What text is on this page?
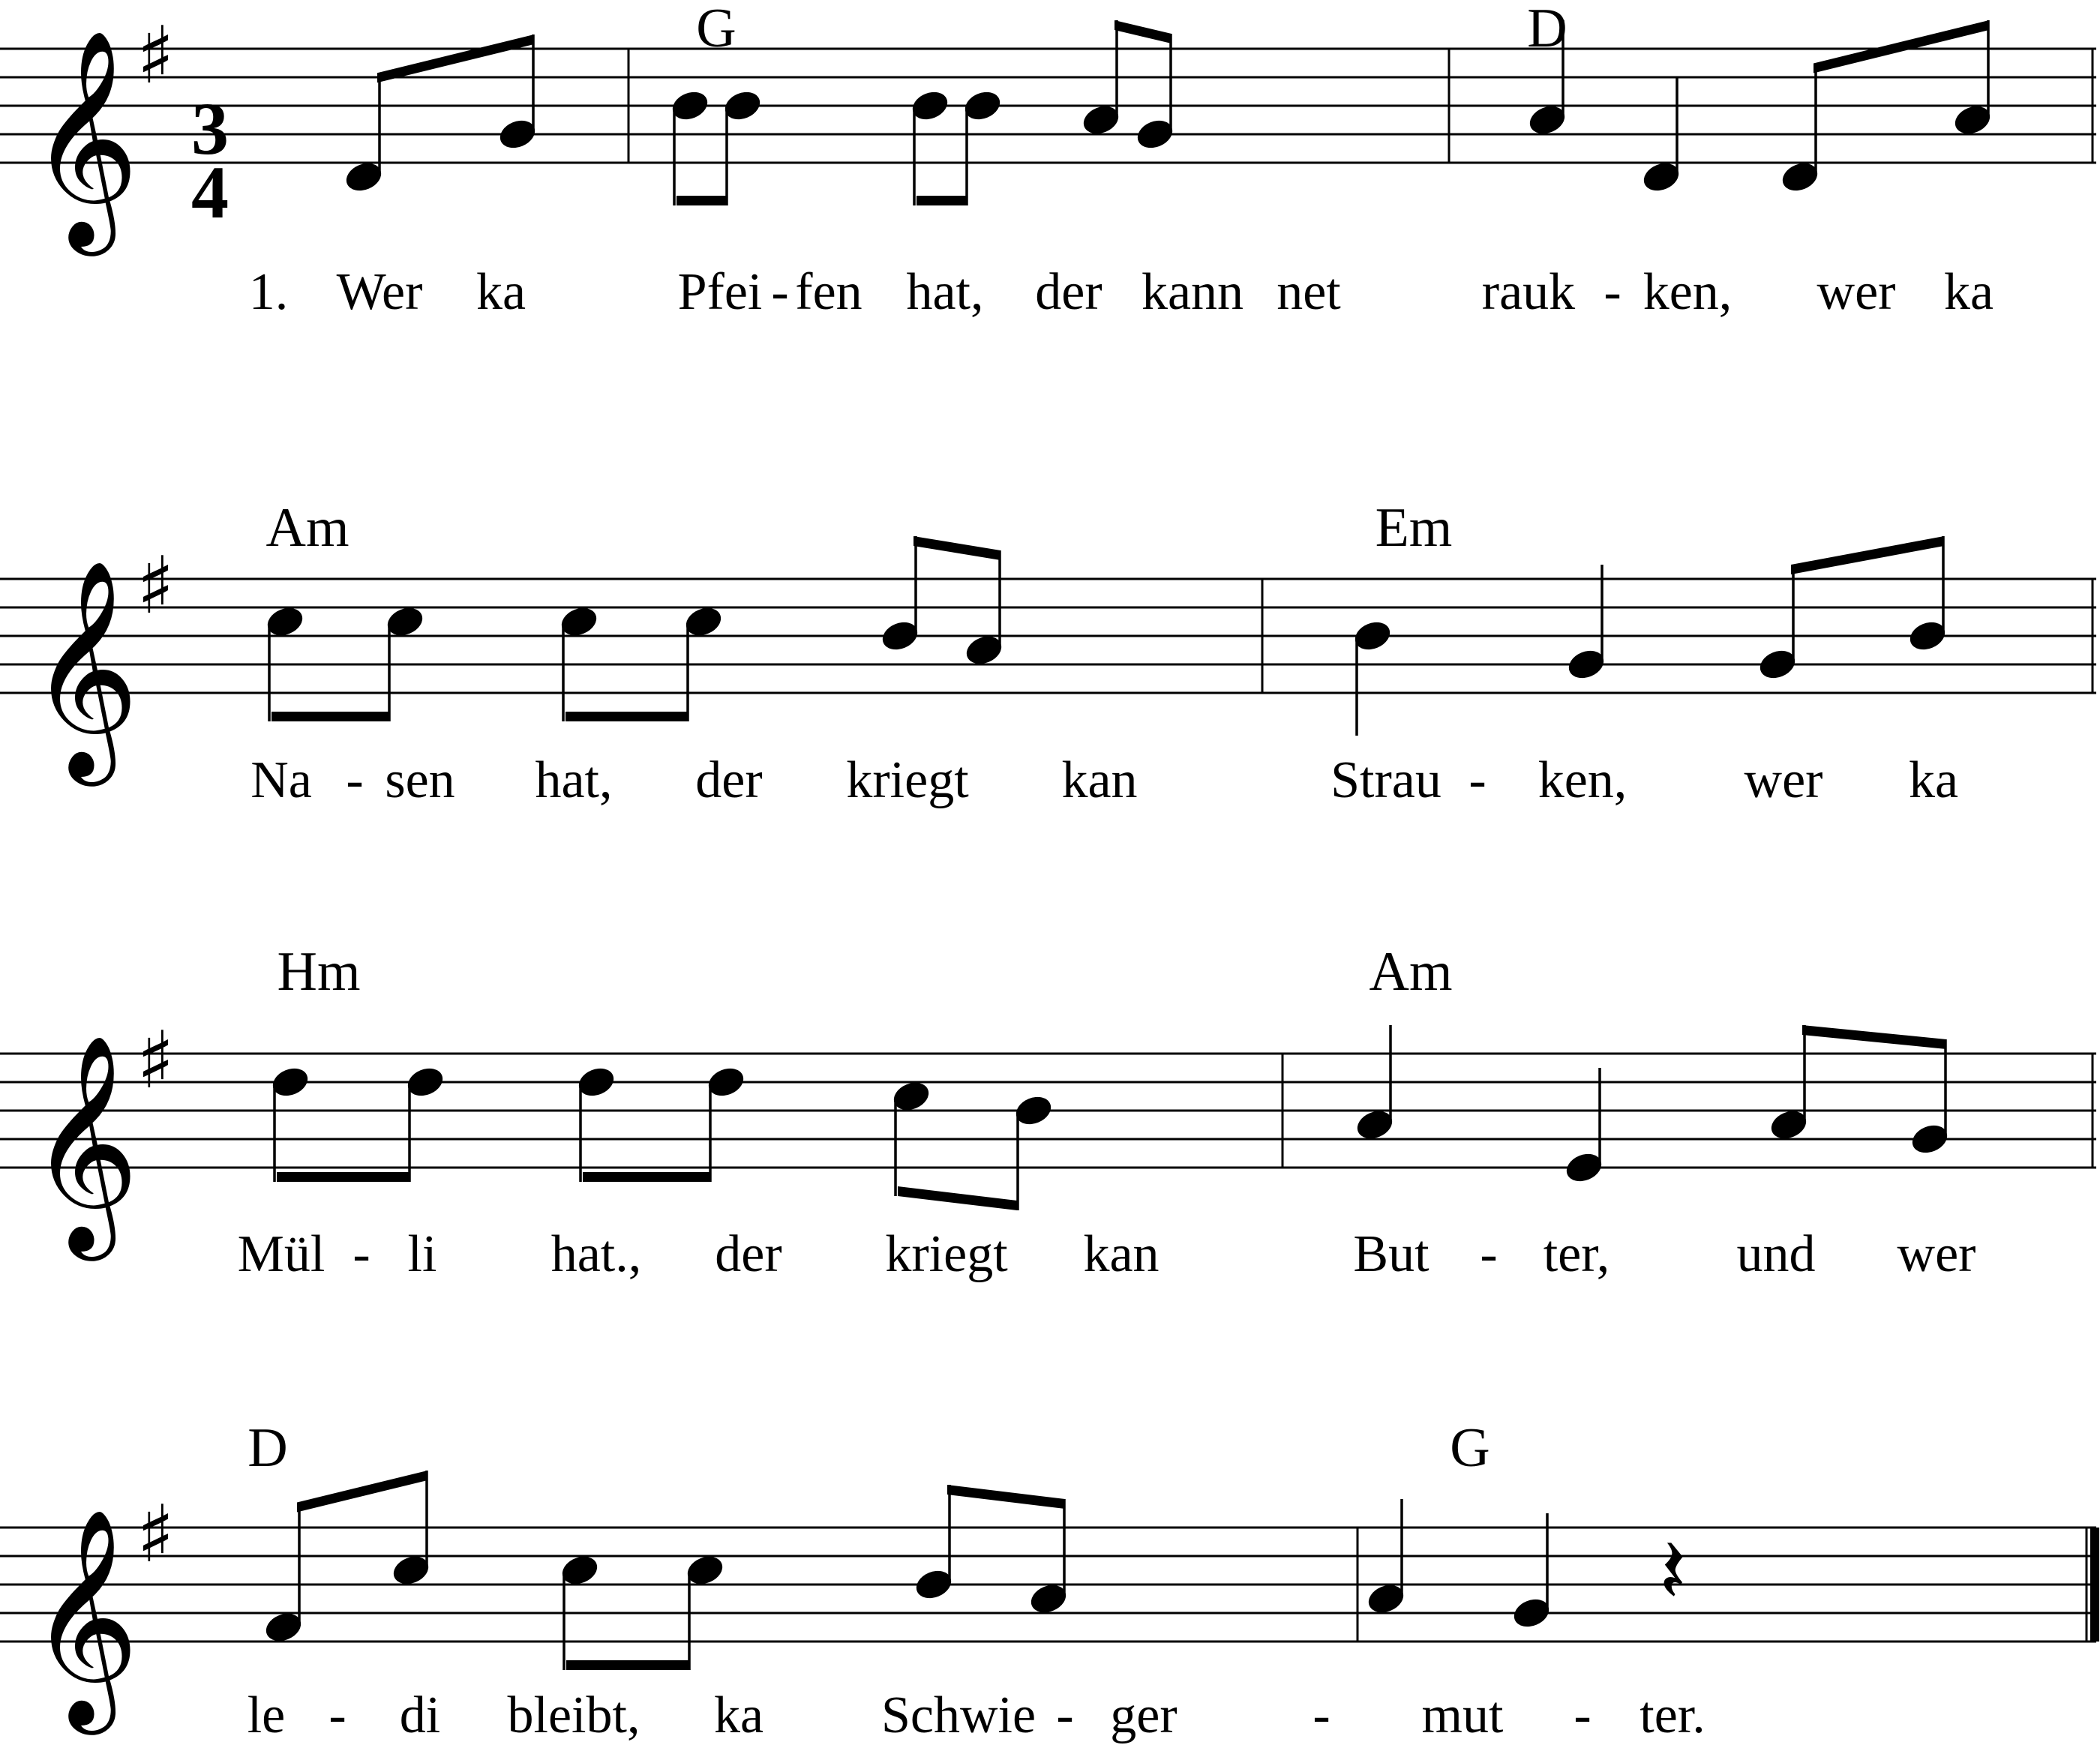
𝄞
♯
𝄞
♯
𝄞
♯
𝄞
♯	𝄽
3
4
G	D
Am	Em
Hm	Am
D	G
1. Wer ka	Pfei - fen hat, der kann net	rauk - ken, wer ka
Na - sen hat, der kriegt kan	Strau - ken, wer ka
Mül - li hat., der kriegt kan	But - ter, und wer
le - di bleibt, ka Schwie - ger	- mut - ter.
